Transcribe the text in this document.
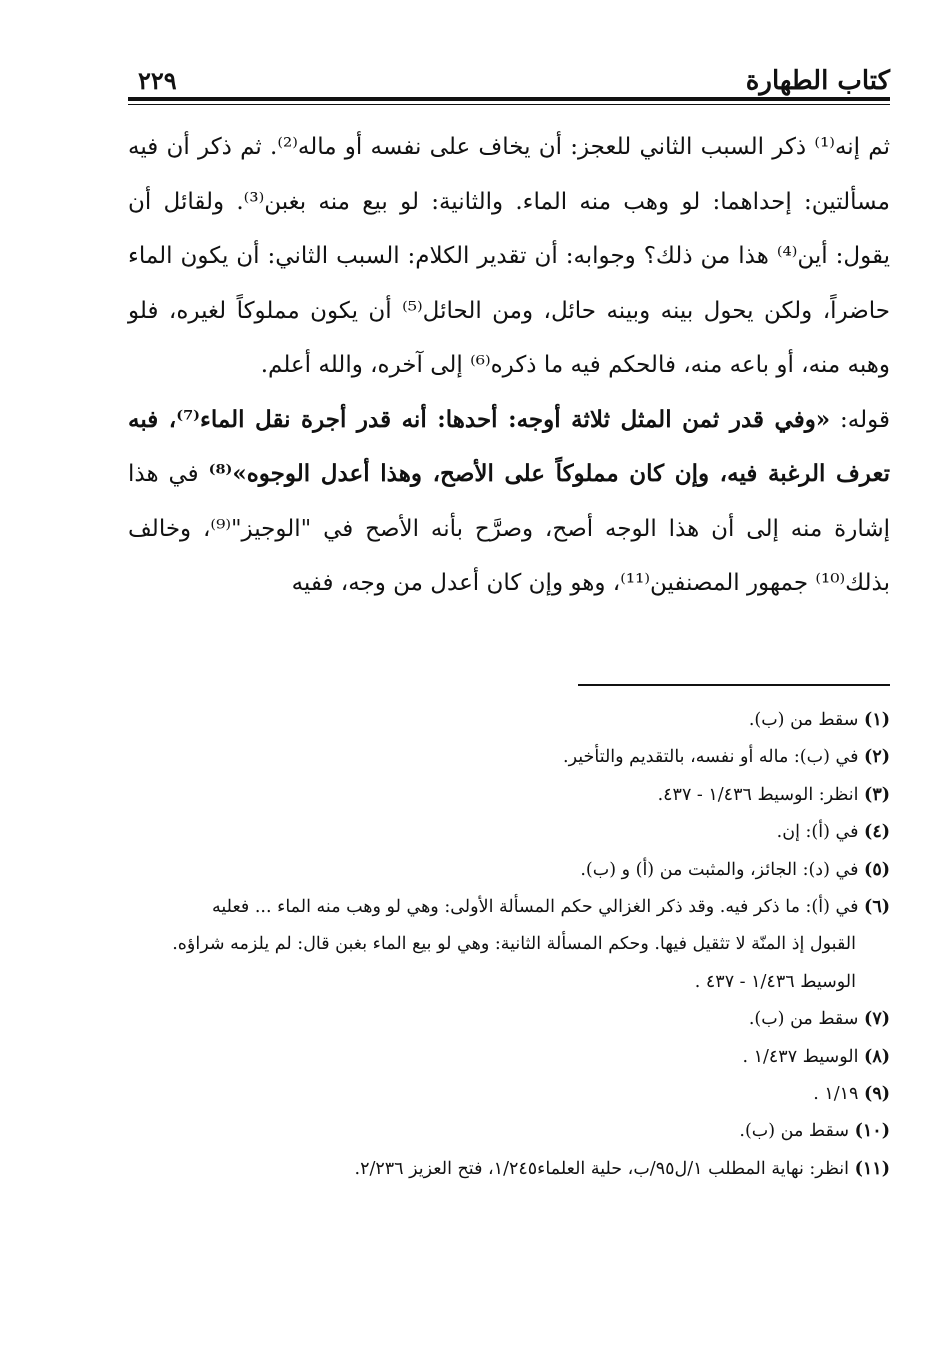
كتاب الطهارة
٢٢٩

ثم إنه⁽¹⁾ ذكر السبب الثاني للعجز: أن يخاف على نفسه أو ماله⁽²⁾. ثم ذكر أن فيه مسألتين: إحداهما: لو وهب منه الماء. والثانية: لو بيع منه بغبن⁽³⁾. ولقائل أن يقول: أين⁽⁴⁾ هذا من ذلك؟ وجوابه: أن تقدير الكلام: السبب الثاني: أن يكون الماء حاضراً، ولكن يحول بينه وبينه حائل، ومن الحائل⁽⁵⁾ أن يكون مملوكاً لغيره، فلو وهبه منه، أو باعه منه، فالحكم فيه ما ذكره⁽⁶⁾ إلى آخره، والله أعلم.

قوله: «وفي قدر ثمن المثل ثلاثة أوجه: أحدها: أنه قدر أجرة نقل الماء⁽⁷⁾، فبه تعرف الرغبة فيه، وإن كان مملوكاً على الأصح، وهذا أعدل الوجوه»⁽⁸⁾ في هذا إشارة منه إلى أن هذا الوجه أصح، وصرَّح بأنه الأصح في "الوجيز"⁽⁹⁾، وخالف بذلك⁽¹⁰⁾ جمهور المصنفين⁽¹¹⁾، وهو وإن كان أعدل من وجه، ففيه

(١) سقط من (ب).
(٢) في (ب): ماله أو نفسه، بالتقديم والتأخير.
(٣) انظر: الوسيط ١/٤٣٦ - ٤٣٧.
(٤) في (أ): إن.
(٥) في (د): الجائز، والمثبت من (أ) و (ب).
(٦) في (أ): ما ذكر فيه. وقد ذكر الغزالي حكم المسألة الأولى: وهي لو وهب منه الماء ... فعليه
القبول إذ المنّة لا تثقيل فيها. وحكم المسألة الثانية: وهي لو بيع الماء بغبن قال: لم يلزمه شراؤه.
الوسيط ١/٤٣٦ - ٤٣٧ .
(٧) سقط من (ب).
(٨) الوسيط ١/٤٣٧ .
(٩) ١/١٩ .
(١٠) سقط من (ب).
(١١) انظر: نهاية المطلب ١/ل٩٥/ب، حلية العلماء١/٢٤٥، فتح العزيز ٢/٢٣٦.
